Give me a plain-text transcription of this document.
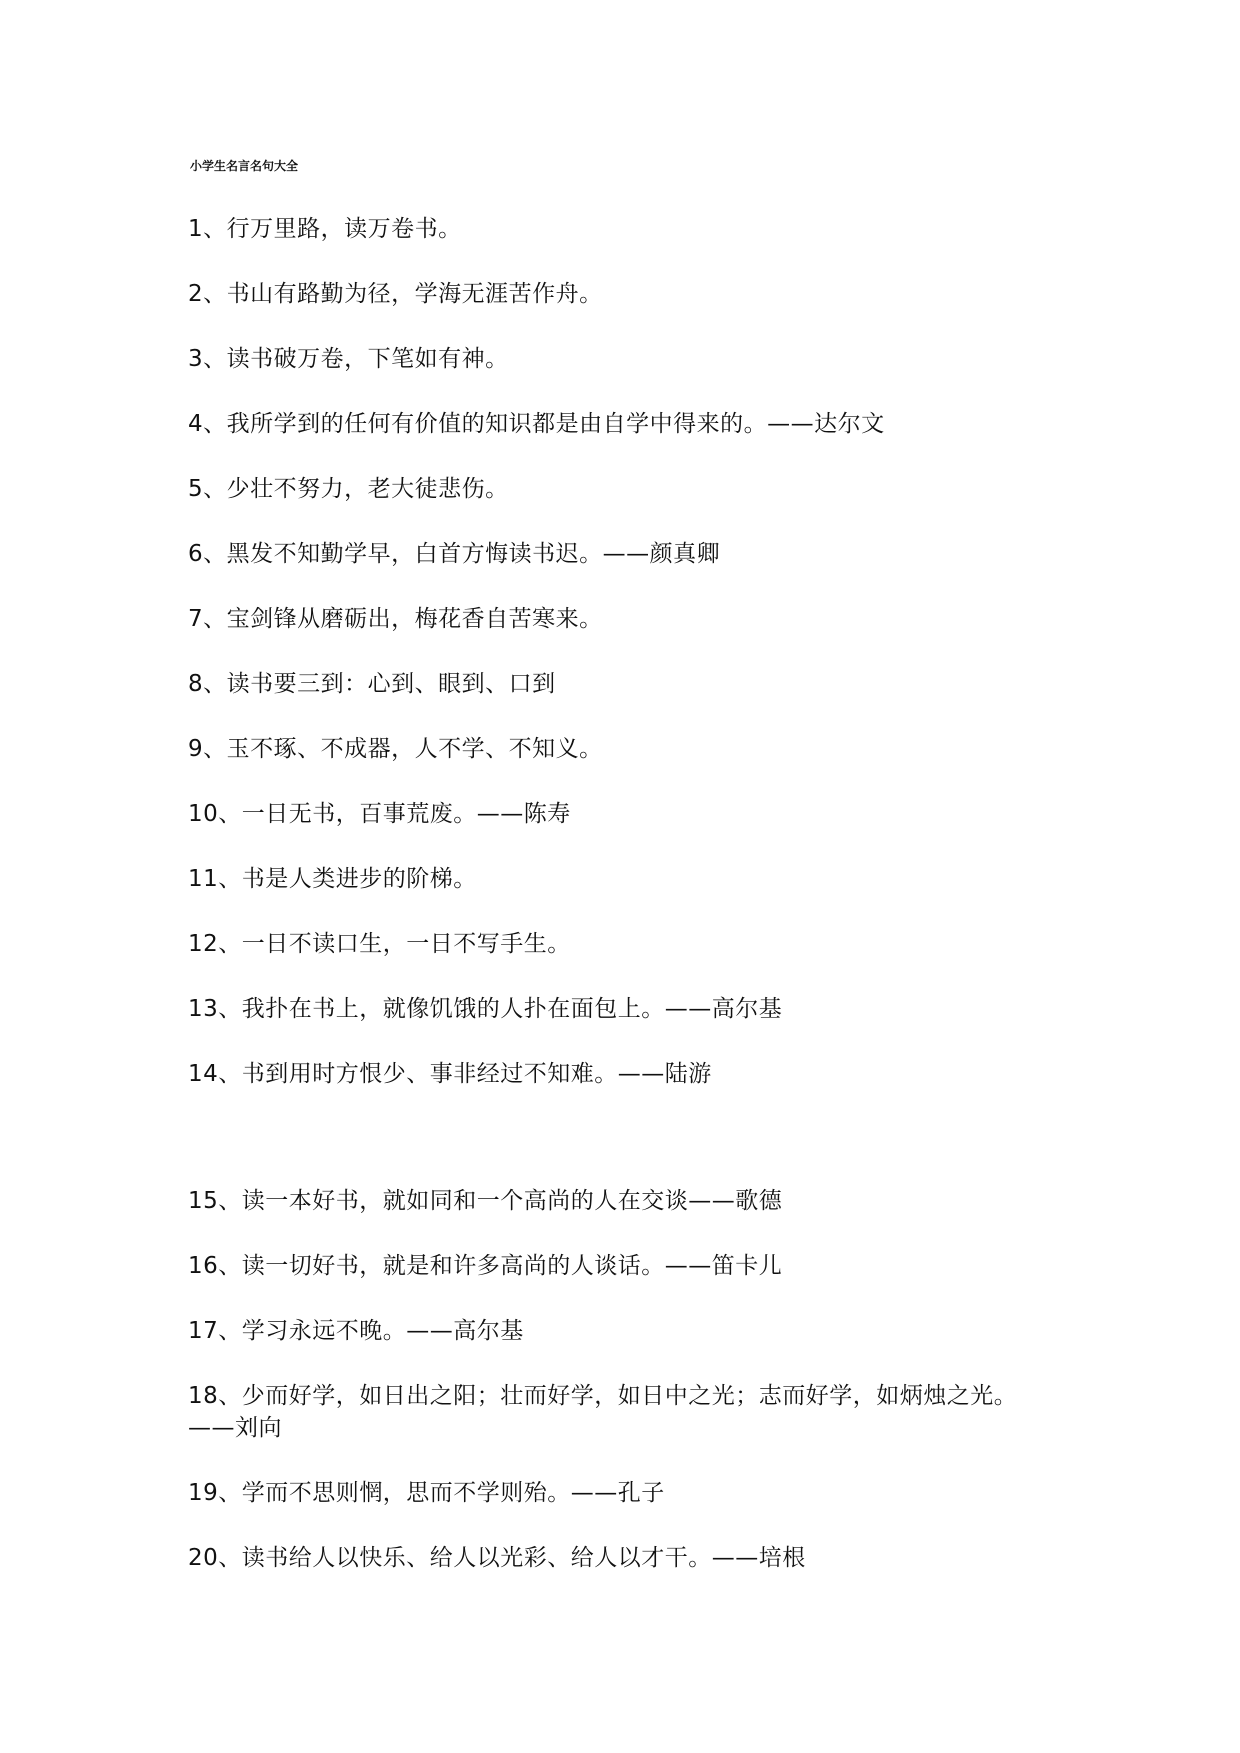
小学生名言名句大全
1、行万里路，读万卷书。
2、书山有路勤为径，学海无涯苦作舟。
3、读书破万卷，下笔如有神。
4、我所学到的任何有价值的知识都是由自学中得来的。——达尔文
5、少壮不努力，老大徒悲伤。
6、黑发不知勤学早，白首方悔读书迟。——颜真卿
7、宝剑锋从磨砺出，梅花香自苦寒来。
8、读书要三到：心到、眼到、口到
9、玉不琢、不成器，人不学、不知义。
10、一日无书，百事荒废。——陈寿
11、书是人类进步的阶梯。
12、一日不读口生，一日不写手生。
13、我扑在书上，就像饥饿的人扑在面包上。——高尔基
14、书到用时方恨少、事非经过不知难。——陆游
15、读一本好书，就如同和一个高尚的人在交谈——歌德
16、读一切好书，就是和许多高尚的人谈话。——笛卡儿
17、学习永远不晚。——高尔基
18、少而好学，如日出之阳；壮而好学，如日中之光；志而好学，如炳烛之光。
——刘向
19、学而不思则惘，思而不学则殆。——孔子
20、读书给人以快乐、给人以光彩、给人以才干。——培根
